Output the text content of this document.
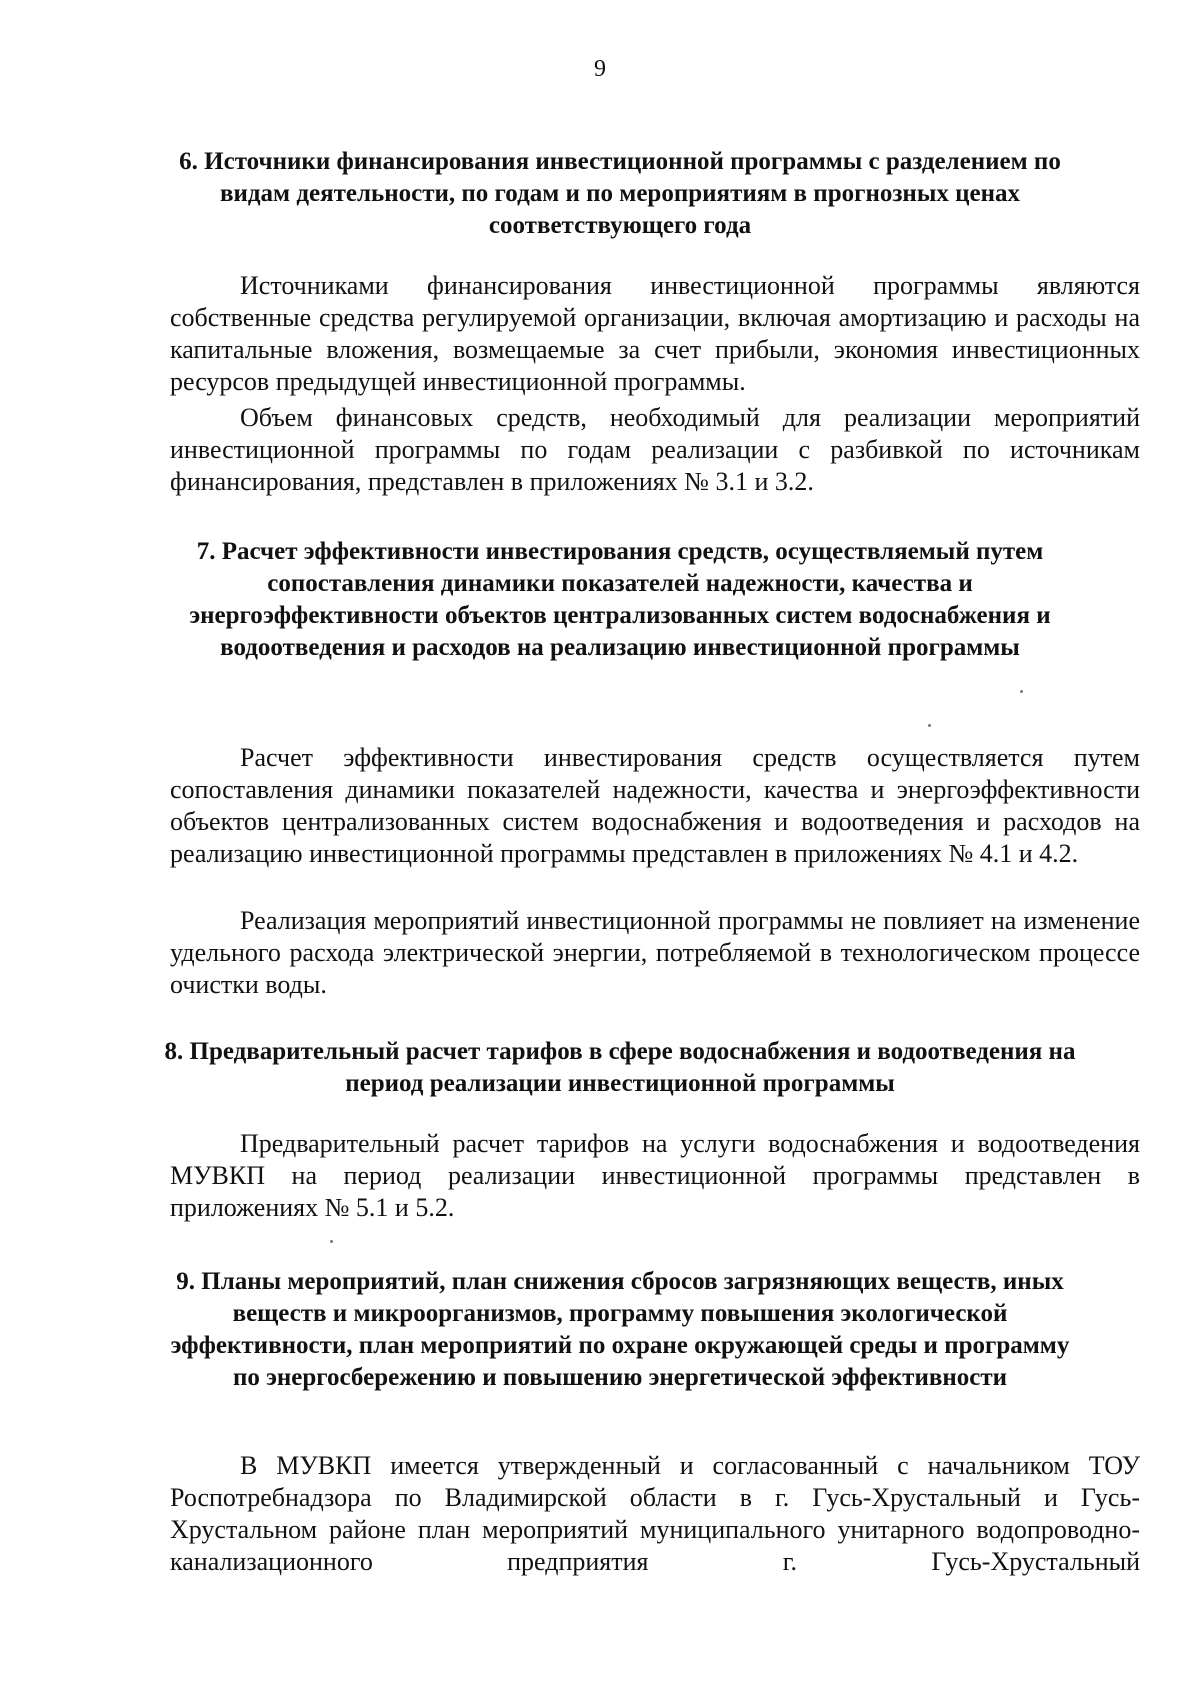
9
6. Источники финансирования инвестиционной программы с разделением по видам деятельности, по годам и по мероприятиям в прогнозных ценах соответствующего года
Источниками финансирования инвестиционной программы являются собственные средства регулируемой организации, включая амортизацию и расходы на капитальные вложения, возмещаемые за счет прибыли, экономия инвестиционных ресурсов предыдущей инвестиционной программы.
Объем финансовых средств, необходимый для реализации мероприятий инвестиционной программы по годам реализации с разбивкой по источникам финансирования, представлен в приложениях № 3.1 и 3.2.
7. Расчет эффективности инвестирования средств, осуществляемый путем сопоставления динамики показателей надежности, качества и энергоэффективности объектов централизованных систем водоснабжения и водоотведения и расходов на реализацию инвестиционной программы
Расчет эффективности инвестирования средств осуществляется путем сопоставления динамики показателей надежности, качества и энергоэффективности объектов централизованных систем водоснабжения и водоотведения и расходов на реализацию инвестиционной программы представлен в приложениях № 4.1 и 4.2.
Реализация мероприятий инвестиционной программы не повлияет на изменение удельного расхода электрической энергии, потребляемой в технологическом процессе очистки воды.
8. Предварительный расчет тарифов в сфере водоснабжения и водоотведения на период реализации инвестиционной программы
Предварительный расчет тарифов на услуги водоснабжения и водоотведения МУВКП на период реализации инвестиционной программы представлен в приложениях № 5.1 и 5.2.
9. Планы мероприятий, план снижения сбросов загрязняющих веществ, иных веществ и микроорганизмов, программу повышения экологической эффективности, план мероприятий по охране окружающей среды и программу по энергосбережению и повышению энергетической эффективности
В МУВКП имеется утвержденный и согласованный с начальником ТОУ Роспотребнадзора по Владимирской области в г. Гусь-Хрустальный и Гусь-Хрустальном районе план мероприятий муниципального унитарного водопроводно-канализационного предприятия г. Гусь-Хрустальный
